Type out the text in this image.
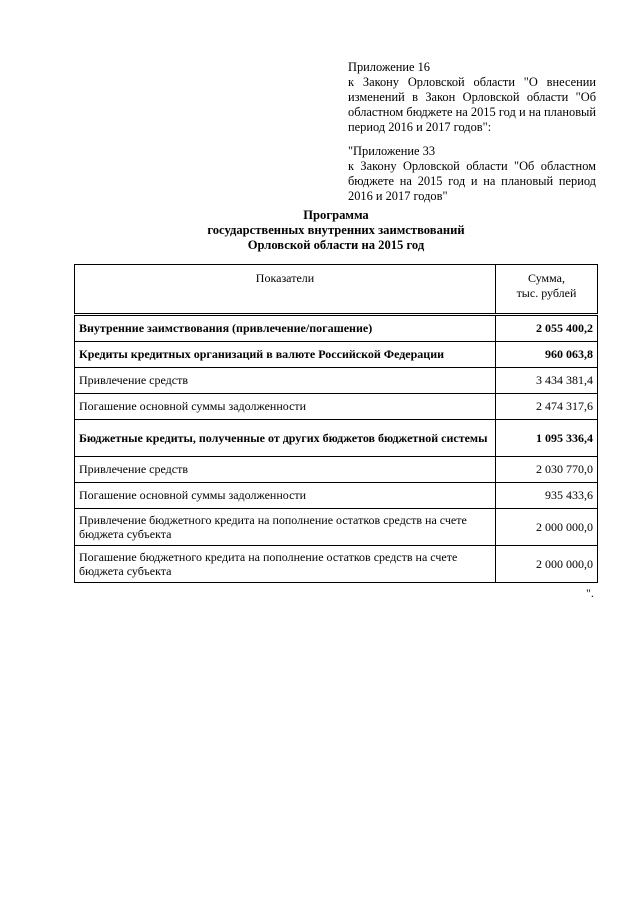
Приложение 16

к Закону Орловской области "О внесении изменений в Закон Орловской области "Об областном бюджете на 2015 год и на плановый период 2016 и 2017 годов":

"Приложение 33

к Закону Орловской области "Об областном бюджете на 2015 год и на плановый период 2016 и 2017 годов"

Программа
государственных внутренних заимствований
Орловской области на 2015 год
Показатели	Сумма,
тыс. рублей

Внутренние заимствования (привлечение/погашение)	2 055 400,2
Кредиты кредитных организаций в валюте Российской Федерации	960 063,8
Привлечение средств	3 434 381,4
Погашение основной суммы задолженности	2 474 317,6
Бюджетные кредиты, полученные от других бюджетов бюджетной системы	1 095 336,4
Привлечение средств	2 030 770,0
Погашение основной суммы задолженности	935 433,6
Привлечение бюджетного кредита на пополнение остатков средств на счете бюджета субъекта	2 000 000,0
Погашение бюджетного кредита на пополнение остатков средств на счете бюджета субъекта	2 000 000,0
".
